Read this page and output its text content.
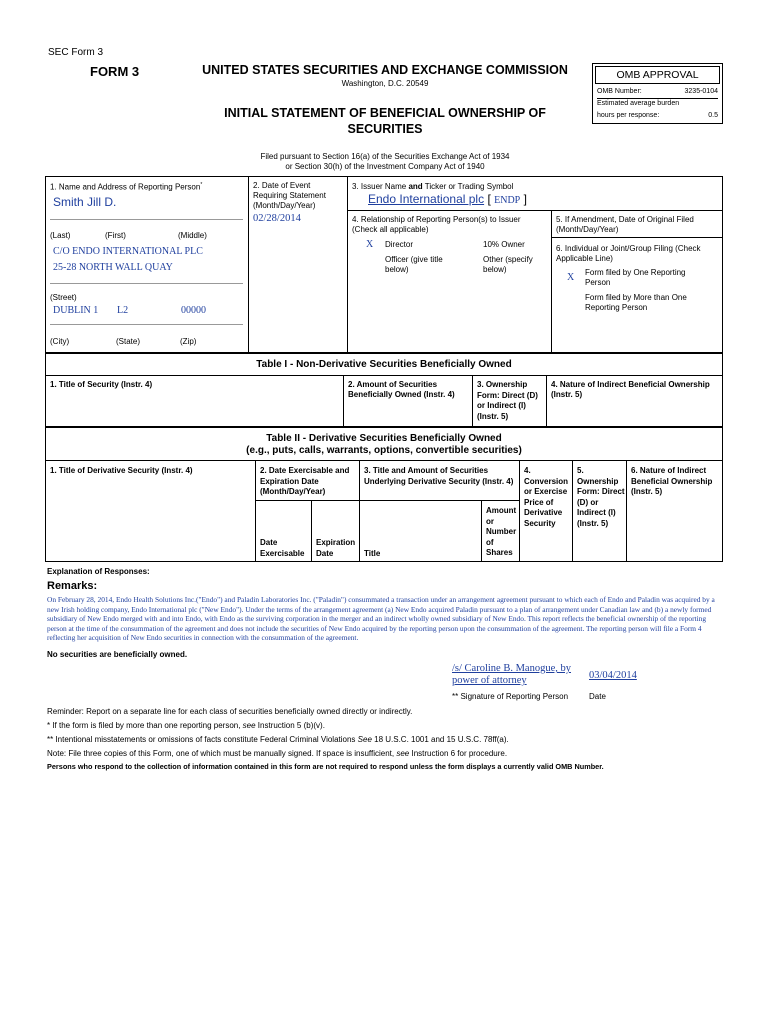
SEC Form 3
FORM 3	UNITED STATES SECURITIES AND EXCHANGE COMMISSION
Washington, D.C. 20549
INITIAL STATEMENT OF BENEFICIAL OWNERSHIP OF SECURITIES
OMB APPROVAL
OMB Number:	3235-0104
Estimated average burden
hours per response:	0.5
Filed pursuant to Section 16(a) of the Securities Exchange Act of 1934
or Section 30(h) of the Investment Company Act of 1940
1. Name and Address of Reporting Person*
Smith Jill D.
(Last)	(First)	(Middle)
C/O ENDO INTERNATIONAL PLC
25-28 NORTH WALL QUAY
(Street)
DUBLIN 1 L2	00000
(City)	(State)	(Zip)
2. Date of Event Requiring Statement (Month/Day/Year)
02/28/2014
3. Issuer Name and Ticker or Trading Symbol
Endo International plc [ ENDP ]
4. Relationship of Reporting Person(s) to Issuer (Check all applicable)
X Director	10% Owner
Officer (give title below)
Other (specify below)
5. If Amendment, Date of Original Filed (Month/Day/Year)
6. Individual or Joint/Group Filing (Check Applicable Line)
X Form filed by One Reporting Person
Form filed by More than One Reporting Person
Table I - Non-Derivative Securities Beneficially Owned
1. Title of Security (Instr. 4)	2. Amount of Securities Beneficially Owned (Instr. 4)
3. Ownership Form: Direct (D) or Indirect (I) (Instr. 5)
4. Nature of Indirect Beneficial Ownership (Instr. 5)
Table II - Derivative Securities Beneficially Owned
(e.g., puts, calls, warrants, options, convertible securities)
1. Title of Derivative Security (Instr. 4)	2. Date Exercisable and Expiration Date (Month/Day/Year)
Date Exercisable
Expiration Date
3. Title and Amount of Securities Underlying Derivative Security (Instr. 4)
Title
Amount or Number of Shares
4. Conversion or Exercise Price of Derivative Security
5. Ownership Form: Direct (D) or Indirect (I) (Instr. 5)
6. Nature of Indirect Beneficial Ownership (Instr. 5)
Explanation of Responses:
Remarks:
On February 28, 2014, Endo Health Solutions Inc.("Endo") and Paladin Laboratories Inc. ("Paladin") consummated a transaction under an arrangement agreement pursuant to which each of Endo and Paladin was acquired by a new Irish holding company, Endo International plc ("New Endo"). Under the terms of the arrangement agreement (a) New Endo acquired Paladin pursuant to a plan of arrangement under Canadian law and (b) a newly formed subsidiary of New Endo merged with and into Endo, with Endo as the surviving corporation in the merger and an indirect wholly owned subsidiary of New Endo. This report reflects the beneficial ownership of the reporting person at the time of the consummation of the agreement and does not include the securities of New Endo acquired by the reporting person upon the consummation of the agreement. The reporting person will file a Form 4 reflecting her acquisition of New Endo securities in connection with the consummation of the agreement.
No securities are beneficially owned.
/s/ Caroline B. Manogue, by power of attorney	03/04/2014
** Signature of Reporting Person	Date
Reminder: Report on a separate line for each class of securities beneficially owned directly or indirectly.
* If the form is filed by more than one reporting person, see Instruction 5 (b)(v).
** Intentional misstatements or omissions of facts constitute Federal Criminal Violations See 18 U.S.C. 1001 and 15 U.S.C. 78ff(a).
Note: File three copies of this Form, one of which must be manually signed. If space is insufficient, see Instruction 6 for procedure.
Persons who respond to the collection of information contained in this form are not required to respond unless the form displays a currently valid OMB Number.
